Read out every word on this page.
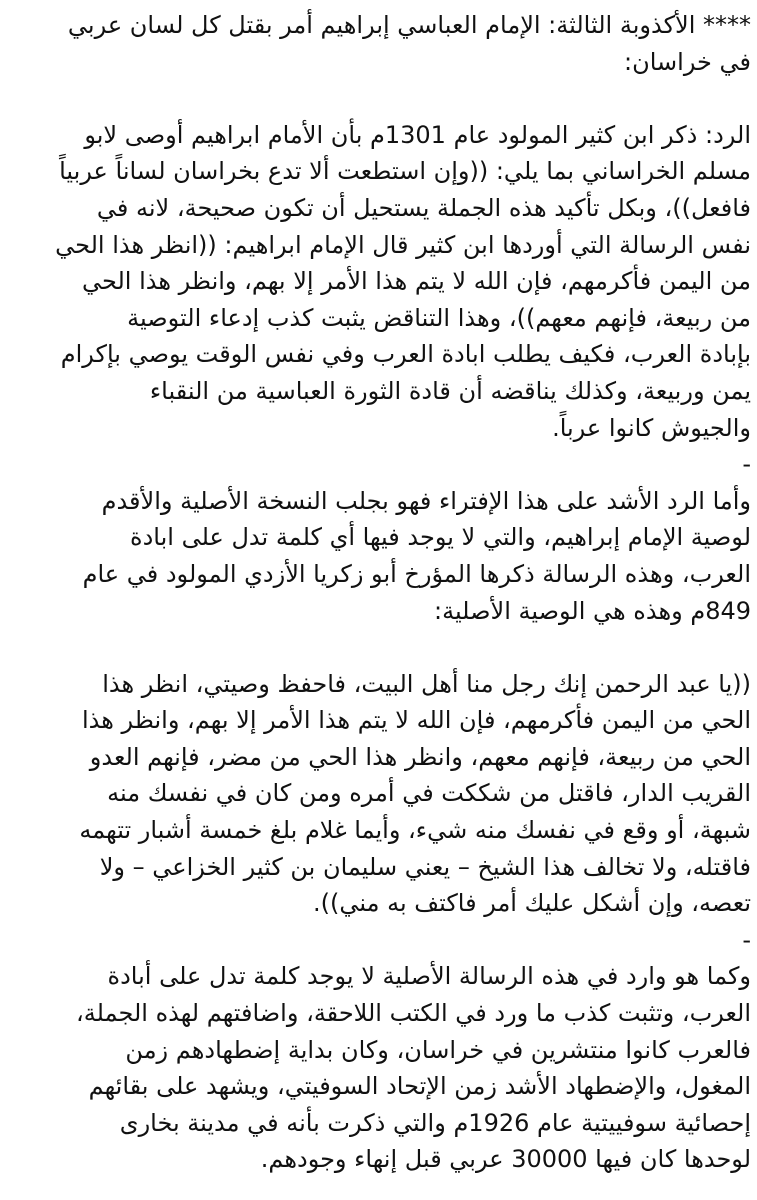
**** الأكذوبة الثالثة: الإمام العباسي إبراهيم أمر بقتل كل لسان عربي
في خراسان:
الرد: ذكر ابن كثير المولود عام 1301م بأن الأمام ابراهيم أوصى لابو
مسلم الخراساني بما يلي: ((وإن استطعت ألا تدع بخراسان لساناً عربياً
فافعل))، وبكل تأكيد هذه الجملة يستحيل أن تكون صحيحة، لانه في
نفس الرسالة التي أوردها ابن كثير قال الإمام ابراهيم: ((انظر هذا الحي
من اليمن فأكرمهم، فإن الله لا يتم هذا الأمر إلا بهم، وانظر هذا الحي
من ربيعة، فإنهم معهم))، وهذا التناقض يثبت كذب إدعاء التوصية
بإبادة العرب، فكيف يطلب ابادة العرب وفي نفس الوقت يوصي بإكرام
يمن وربيعة، وكذلك يناقضه أن قادة الثورة العباسية من النقباء
والجيوش كانوا عرباً.
-
وأما الرد الأشد على هذا الإفتراء فهو بجلب النسخة الأصلية والأقدم
لوصية الإمام إبراهيم، والتي لا يوجد فيها أي كلمة تدل على ابادة
العرب، وهذه الرسالة ذكرها المؤرخ أبو زكريا الأزدي المولود في عام
849م وهذه هي الوصية الأصلية:
((يا عبد الرحمن إنك رجل منا أهل البيت، فاحفظ وصيتي، انظر هذا
الحي من اليمن فأكرمهم، فإن الله لا يتم هذا الأمر إلا بهم، وانظر هذا
الحي من ربيعة، فإنهم معهم، وانظر هذا الحي من مضر، فإنهم العدو
القريب الدار، فاقتل من شككت في أمره ومن كان في نفسك منه
شبهة، أو وقع في نفسك منه شيء، وأيما غلام بلغ خمسة أشبار تتهمه
فاقتله، ولا تخالف هذا الشيخ – يعني سليمان بن كثير الخزاعي – ولا
تعصه، وإن أشكل عليك أمر فاكتف به مني)).
-
وكما هو وارد في هذه الرسالة الأصلية لا يوجد كلمة تدل على أبادة
العرب، وتثبت كذب ما ورد في الكتب اللاحقة، واضافتهم لهذه الجملة،
فالعرب كانوا منتشرين في خراسان، وكان بداية إضطهادهم زمن
المغول، والإضطهاد الأشد زمن الإتحاد السوفيتي، ويشهد على بقائهم
إحصائية سوفييتية عام 1926م والتي ذكرت بأنه في مدينة بخارى
لوحدها كان فيها 30000 عربي قبل إنهاء وجودهم.
